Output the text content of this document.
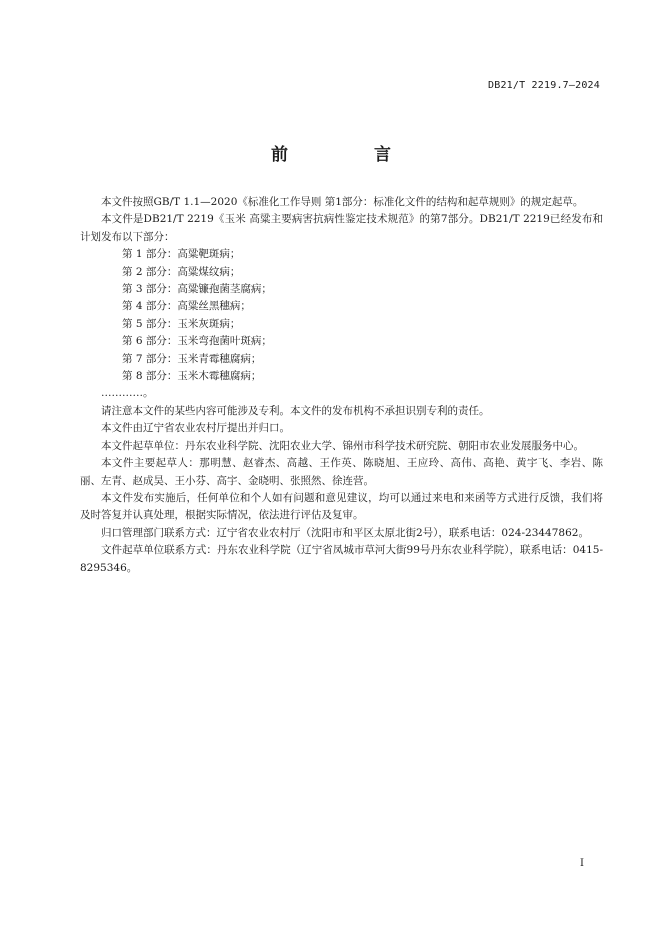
DB21/T 2219.7—2024
前 言

本文件按照GB/T 1.1—2020《标准化工作导则 第1部分：标准化文件的结构和起草规则》的规定起草。

本文件是DB21/T 2219《玉米 高粱主要病害抗病性鉴定技术规范》的第7部分。DB21/T 2219已经发布和计划发布以下部分：

第 1 部分：高粱靶斑病；
第 2 部分：高粱煤纹病；
第 3 部分：高粱镰孢菌茎腐病；
第 4 部分：高粱丝黑穗病；
第 5 部分：玉米灰斑病；
第 6 部分：玉米弯孢菌叶斑病；
第 7 部分：玉米青霉穗腐病；
第 8 部分：玉米木霉穗腐病；
…………。

请注意本文件的某些内容可能涉及专利。本文件的发布机构不承担识别专利的责任。

本文件由辽宁省农业农村厅提出并归口。

本文件起草单位：丹东农业科学院、沈阳农业大学、锦州市科学技术研究院、朝阳市农业发展服务中心。

本文件主要起草人：那明慧、赵睿杰、高越、王作英、陈晓旭、王应玲、高伟、高艳、黄宇飞、李岩、陈丽、左青、赵成昊、王小芬、高宇、金晓明、张照然、徐连营。

本文件发布实施后，任何单位和个人如有问题和意见建议，均可以通过来电和来函等方式进行反馈，我们将及时答复并认真处理，根据实际情况，依法进行评估及复审。

归口管理部门联系方式：辽宁省农业农村厅（沈阳市和平区太原北街2号），联系电话：024-23447862。

文件起草单位联系方式：丹东农业科学院（辽宁省凤城市草河大街99号丹东农业科学院），联系电话：0415-8295346。

I
